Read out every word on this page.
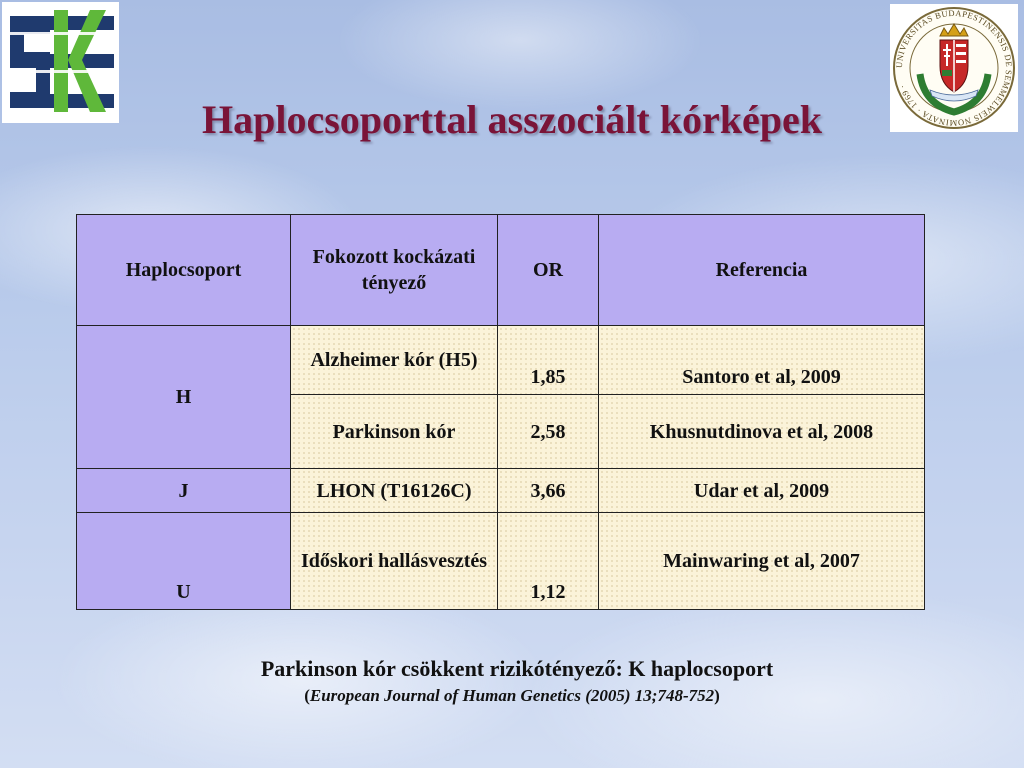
UNIVERSITAS BUDAPESTINENSIS DE SEMMELWEIS NOMINATA · 1769 ·
Haplocsoporttal asszociált kórképek
Haplocsoport	Fokozott kockázati tényező	OR	Referencia
H	Alzheimer kór (H5)	1,85	Santoro et al, 2009
	Parkinson kór	2,58	Khusnutdinova et al, 2008
J	LHON (T16126C)	3,66	Udar et al, 2009
U	Időskori hallásvesztés	1,12	Mainwaring et al, 2007
Parkinson kór csökkent rizikótényező: K haplocsoport
(European Journal of Human Genetics (2005) 13;748-752)
